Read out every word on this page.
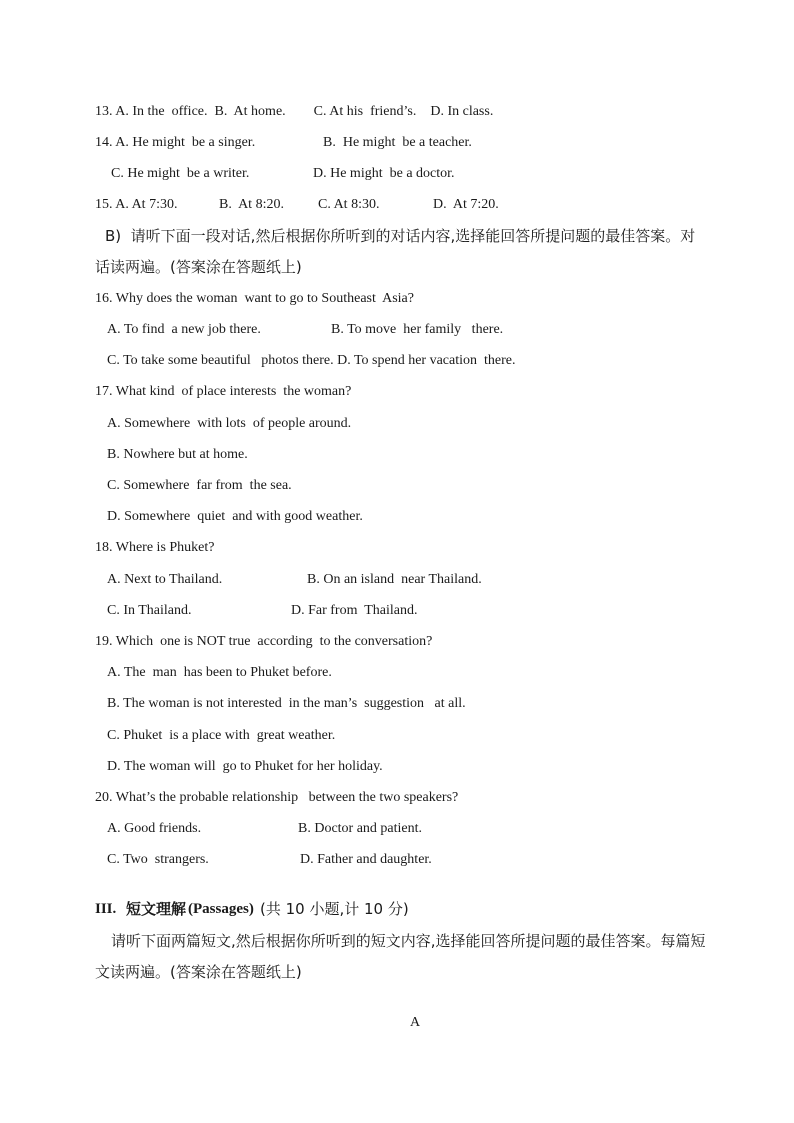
13. A. In the  office.  B.  At home.        C. At his  friend’s.    D. In class.

14. A. He might  be a singer.

	B.  He might  be a teacher.

C. He might  be a writer.

	D. He might  be a doctor.

15. A. At 7:30.

	B.  At 8:20.

C. At 8:30.

	D.  At 7:20.

B)  请听下面一段对话,然后根据你所听到的对话内容,选择能回答所提问题的最佳答案。对

话读两遍。(答案涂在答题纸上)

16. Why does the woman  want to go to Southeast  Asia?

A. To find  a new job there.

	B. To move  her family   there.

C. To take some beautiful   photos there. D. To spend her vacation  there.

17. What kind  of place interests  the woman?

A. Somewhere  with lots  of people around.

B. Nowhere but at home.

C. Somewhere  far from  the sea.

D. Somewhere  quiet  and with good weather.

18. Where is Phuket?

A. Next to Thailand.

	B. On an island  near Thailand.

C. In Thailand.

	D. Far from  Thailand.

19. Which  one is NOT true  according  to the conversation?

A. The  man  has been to Phuket before.

B. The woman is not interested  in the man’s  suggestion   at all.

C. Phuket  is a place with  great weather.

D. The woman will  go to Phuket for her holiday.

20. What’s the probable relationship   between the two speakers?

A. Good friends.

	B. Doctor and patient.

C. Two  strangers.

	D. Father and daughter.

III.

短文理解

(Passages)

(共 10 小题,计 10 分)

请听下面两篇短文,然后根据你所听到的短文内容,选择能回答所提问题的最佳答案。每篇短

文读两遍。(答案涂在答题纸上)

A
